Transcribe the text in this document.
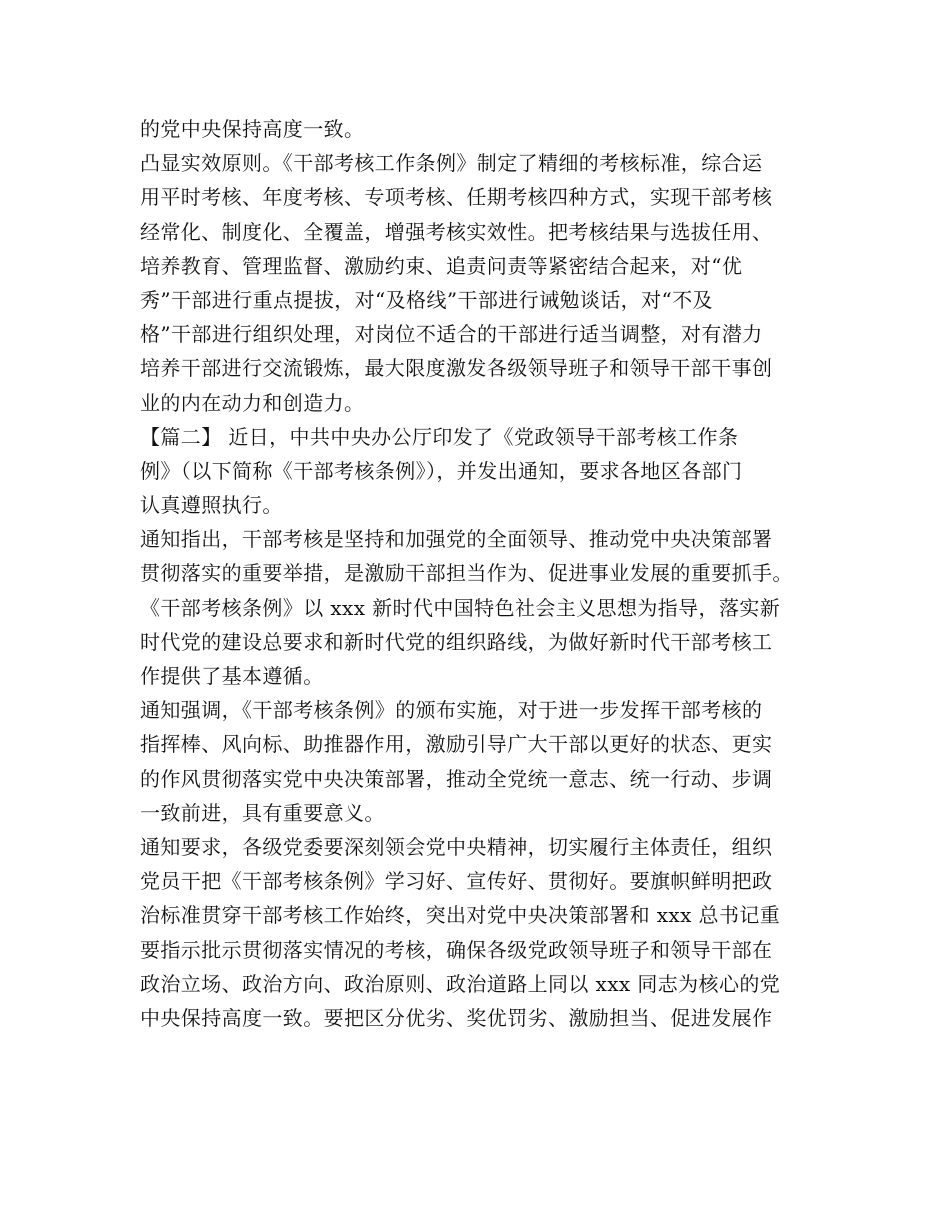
的党中央保持高度一致。
凸显实效原则。《干部考核工作条例》制定了精细的考核标准，综合运
用平时考核、年度考核、专项考核、任期考核四种方式，实现干部考核
经常化、制度化、全覆盖，增强考核实效性。把考核结果与选拔任用、
培养教育、管理监督、激励约束、追责问责等紧密结合起来，对“优
秀”干部进行重点提拔，对“及格线”干部进行诫勉谈话，对“不及
格”干部进行组织处理，对岗位不适合的干部进行适当调整，对有潜力
培养干部进行交流锻炼，最大限度激发各级领导班子和领导干部干事创
业的内在动力和创造力。
【篇二】 近日，中共中央办公厅印发了《党政领导干部考核工作条
例》（以下简称《干部考核条例》），并发出通知，要求各地区各部门
认真遵照执行。
通知指出，干部考核是坚持和加强党的全面领导、推动党中央决策部署
贯彻落实的重要举措，是激励干部担当作为、促进事业发展的重要抓手。
《干部考核条例》以 xxx 新时代中国特色社会主义思想为指导，落实新
时代党的建设总要求和新时代党的组织路线，为做好新时代干部考核工
作提供了基本遵循。
通知强调，《干部考核条例》的颁布实施，对于进一步发挥干部考核的
指挥棒、风向标、助推器作用，激励引导广大干部以更好的状态、更实
的作风贯彻落实党中央决策部署，推动全党统一意志、统一行动、步调
一致前进，具有重要意义。
通知要求，各级党委要深刻领会党中央精神，切实履行主体责任，组织
党员干把《干部考核条例》学习好、宣传好、贯彻好。要旗帜鲜明把政
治标准贯穿干部考核工作始终，突出对党中央决策部署和 xxx 总书记重
要指示批示贯彻落实情况的考核，确保各级党政领导班子和领导干部在
政治立场、政治方向、政治原则、政治道路上同以 xxx 同志为核心的党
中央保持高度一致。要把区分优劣、奖优罚劣、激励担当、促进发展作
